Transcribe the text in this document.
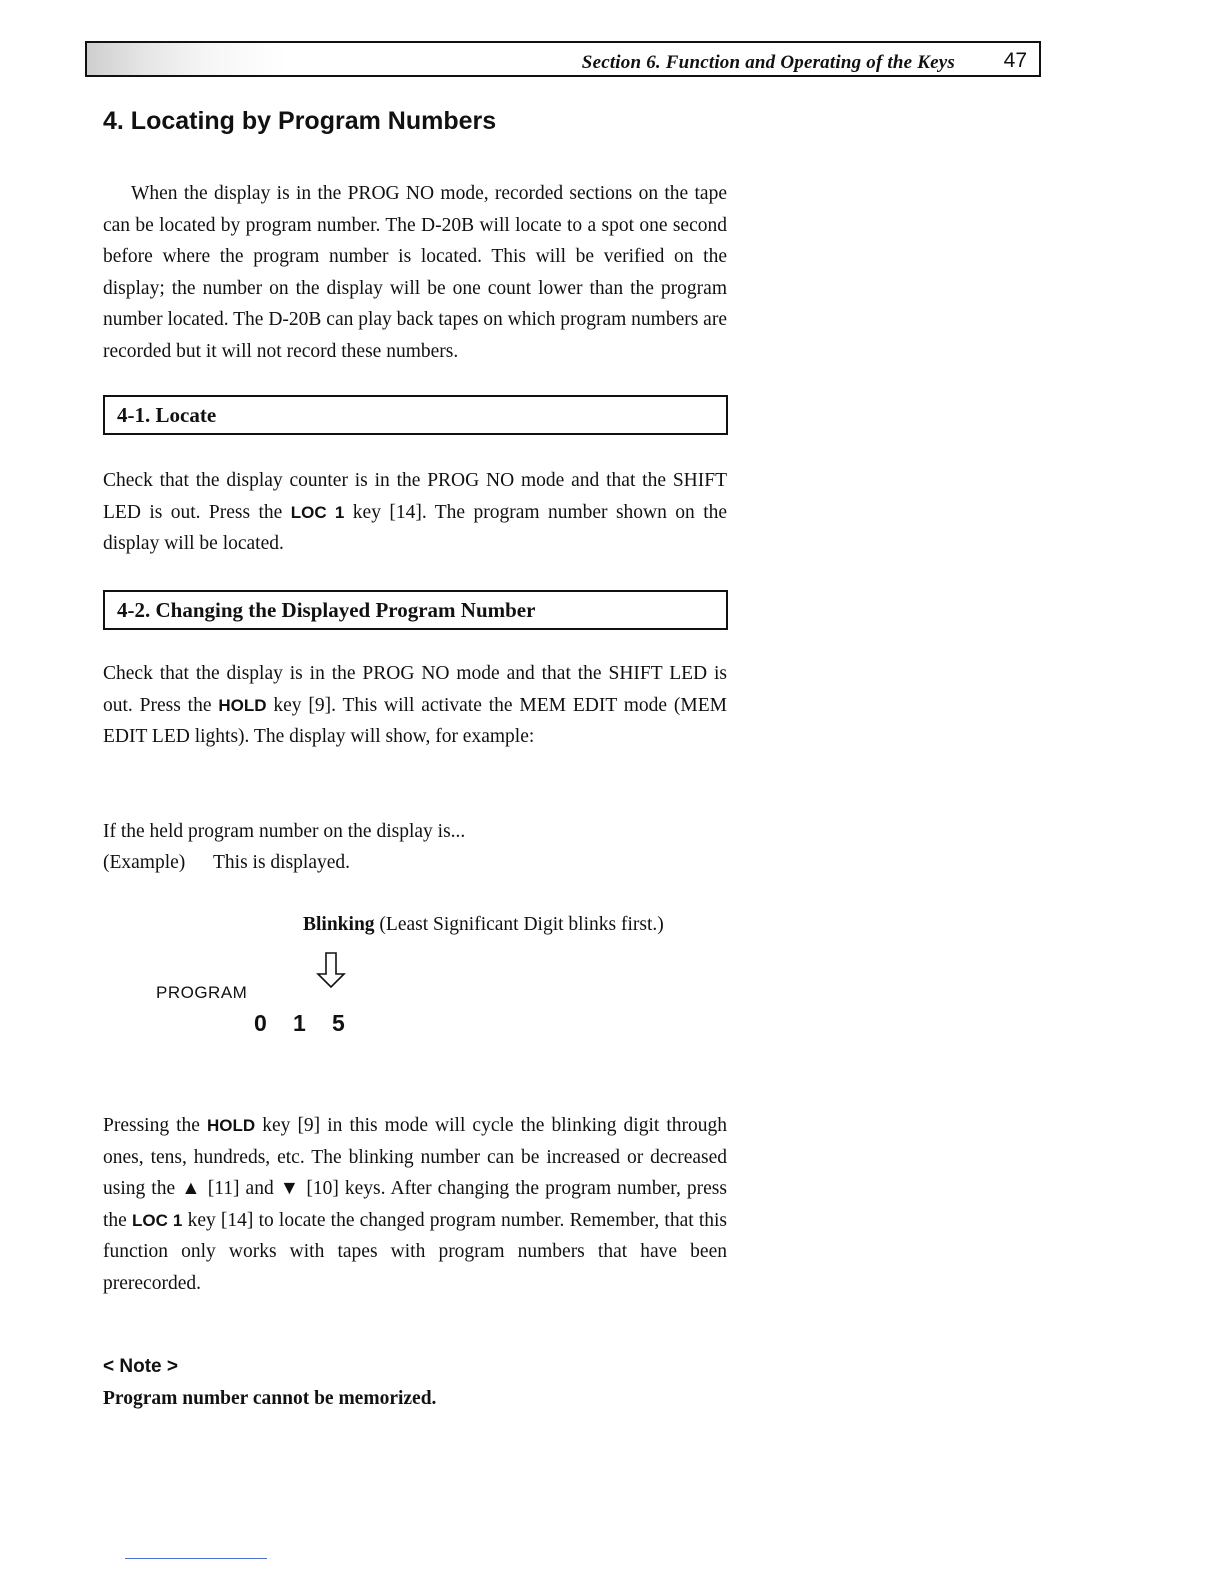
Section 6. Function and Operating of the Keys 47
4. Locating by Program Numbers

When the display is in the PROG NO mode, recorded sections on the tape can be located by program number. The D-20B will locate to a spot one second before where the program number is located. This will be verified on the display; the number on the display will be one count lower than the program number located. The D-20B can play back tapes on which program numbers are recorded but it will not record these numbers.

4-1. Locate

Check that the display counter is in the PROG NO mode and that the SHIFT LED is out. Press the LOC 1 key [14]. The program number shown on the display will be located.

4-2. Changing the Displayed Program Number

Check that the display is in the PROG NO mode and that the SHIFT LED is out. Press the HOLD key [9]. This will activate the MEM EDIT mode (MEM EDIT LED lights). The display will show, for example:

If the held program number on the display is...
(Example) This is displayed.
Blinking (Least Significant Digit blinks first.)
PROGRAM
0 1 5

Pressing the HOLD key [9] in this mode will cycle the blinking digit through ones, tens, hundreds, etc. The blinking number can be increased or decreased using the ▲ [11] and ▼ [10] keys. After changing the program number, press the LOC 1 key [14] to locate the changed program number. Remember, that this function only works with tapes with program numbers that have been prerecorded.

< Note >
Program number cannot be memorized.
